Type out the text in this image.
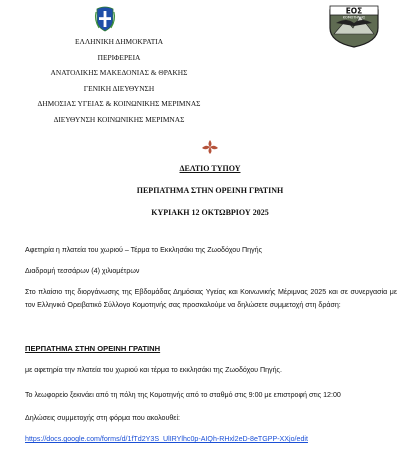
ΕΟΣ
ΚΟΜΟΤΗΝΗΣ
ΕΛΛΗΝΙΚΗ ΔΗΜΟΚΡΑΤΙΑ
ΠΕΡΙΦΕΡΕΙΑ
ΑΝΑΤΟΛΙΚΗΣ ΜΑΚΕΔΟΝΙΑΣ & ΘΡΑΚΗΣ
ΓΕΝΙΚΗ ΔΙΕΥΘΥΝΣΗ
ΔΗΜΟΣΙΑΣ ΥΓΕΙΑΣ & ΚΟΙΝΩΝΙΚΗΣ ΜΕΡΙΜΝΑΣ
ΔΙΕΥΘΥΝΣΗ ΚΟΙΝΩΝΙΚΗΣ ΜΕΡΙΜΝΑΣ
ΔΕΛΤΙΟ ΤΥΠΟΥ
ΠΕΡΠΑΤΗΜΑ ΣΤΗΝ ΟΡΕΙΝΗ ΓΡΑΤΙΝΗ
ΚΥΡΙΑΚΗ 12 ΟΚΤΩΒΡΙΟΥ 2025
Αφετηρία η πλατεία του χωριού – Τέρμα το Εκκλησάκι της Ζωοδόχου Πηγής
Διαδρομή τεσσάρων (4) χιλιομέτρων
Στο πλαίσιο της διοργάνωσης της Εβδομάδας Δημόσιας Υγείας και Κοινωνικής Μέριμνας 2025 και σε συνεργασία με τον Ελληνικό Ορειβατικό Σύλλογο Κομοτηνής σας προσκαλούμε να δηλώσετε συμμετοχή στη δράση:
ΠΕΡΠΑΤΗΜΑ ΣΤΗΝ ΟΡΕΙΝΗ ΓΡΑΤΙΝΗ
με αφετηρία την πλατεία του χωριού και τέρμα το εκκλησάκι της Ζωοδόχου Πηγής.
Το λεωφορείο ξεκινάει από τη πόλη της Κομοτηνής από το σταθμό στις 9:00 με επιστροφή στις 12:00
Δηλώσεις συμμετοχής στη φόρμα που ακολουθεί:
https://docs.google.com/forms/d/1fTd2Y3S_UlIRYlhc0p-AIQh-RHxl2eD-8eTGPP-XXjo/edit
